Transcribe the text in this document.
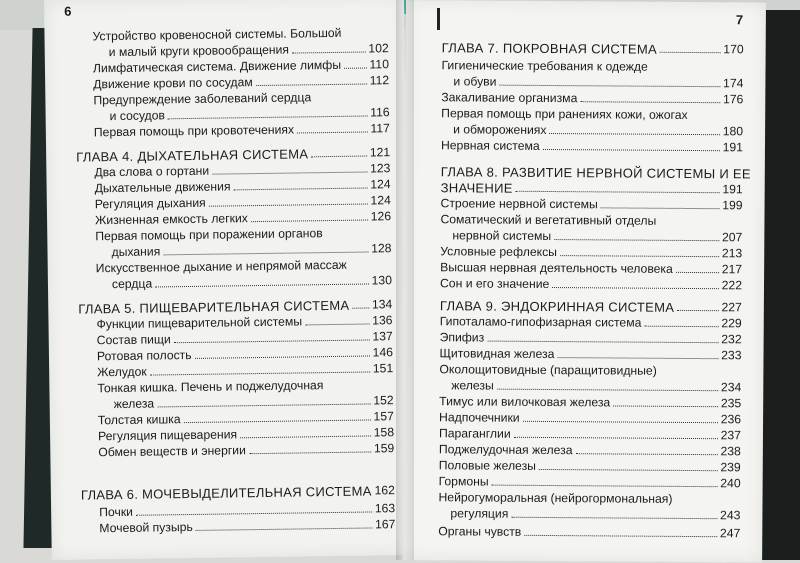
6
Устройство кровеносной системы. Большой
и малый круги кровообращения	102
Лимфатическая система. Движение лимфы 110
Движение крови по сосудам	112
Предупреждение заболеваний сердца
и сосудов	116
Первая помощь при кровотечениях	117
ГЛАВА 4. ДЫХАТЕЛЬНАЯ СИСТЕМА	121
Два слова о гортани	123
Дыхательные движения	124
Регуляция дыхания	124
Жизненная емкость легких	126
Первая помощь при поражении органов
дыхания	128
Искусственное дыхание и непрямой массаж
сердца	130
ГЛАВА 5. ПИЩЕВАРИТЕЛЬНАЯ СИСТЕМА 134
Функции пищеварительной системы	136
Состав пищи	137
Ротовая полость	146
Желудок	151
Тонкая кишка. Печень и поджелудочная
железа	152
Толстая кишка	157
Регуляция пищеварения	158
Обмен веществ и энергии	159
ГЛАВА 6. МОЧЕВЫДЕЛИТЕЛЬНАЯ СИСТЕМА 162
Почки	163
Мочевой пузырь	167
7
ГЛАВА 7. ПОКРОВНАЯ СИСТЕМА	170
Гигиенические требования к одежде
и обуви	174
Закаливание организма	176
Первая помощь при ранениях кожи, ожогах
и обморожениях	180
Нервная система	191
ГЛАВА 8. РАЗВИТИЕ НЕРВНОЙ СИСТЕМЫ И ЕЕ
ЗНАЧЕНИЕ	191
Строение нервной системы	199
Соматический и вегетативный отделы
нервной системы	207
Условные рефлексы	213
Высшая нервная деятельность человека	217
Сон и его значение	222
ГЛАВА 9. ЭНДОКРИННАЯ СИСТЕМА	227
Гипоталамо-гипофизарная система	229
Эпифиз	232
Щитовидная железа	233
Околощитовидные (паращитовидные)
железы	234
Тимус или вилочковая железа	235
Надпочечники	236
Параганглии	237
Поджелудочная железа	238
Половые железы	239
Гормоны	240
Нейрогуморальная (нейрогормональная)
регуляция	243
Органы чувств	247
